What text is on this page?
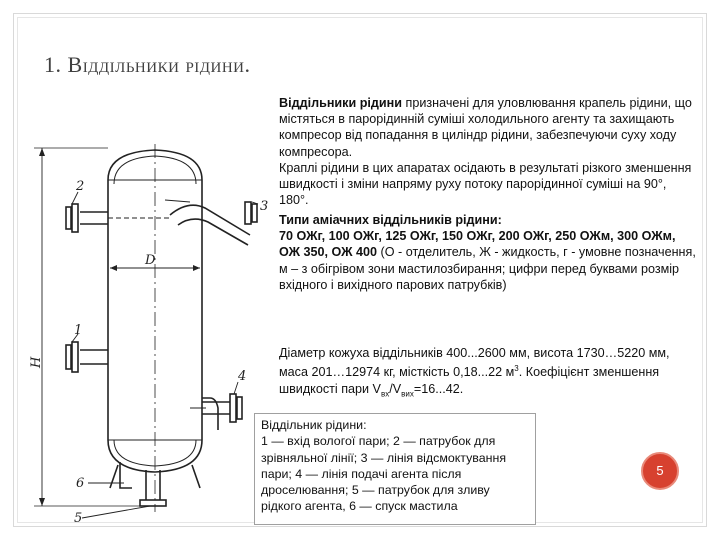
1. Віддільники рідини.
Віддільники рідини призначені для уловлювання крапель рідини, що містяться в парорідинній суміші холодильного агенту та захищають компресор від попадання в циліндр рідини, забезпечуючи суху ходу компресора.
Краплі рідини в цих апаратах осідають в результаті різкого зменшення швидкості і зміни напряму руху потоку парорідинної суміші на 90°, 180°.
Типи аміачних віддільників рідини:
70 ОЖг, 100 ОЖг, 125 ОЖг, 150 ОЖг, 200 ОЖг, 250 ОЖм, 300 ОЖм, ОЖ 350, ОЖ 400 (О - отделитель, Ж - жидкость, г - умовне позначення, м – з обігрівом зони мастилозбирання; цифри перед буквами розмір вхідного і вихідного парових патрубків)
Діаметр кожуха віддільників 400...2600 мм, висота 1730…5220 мм, маса 201…12974 кг, місткість 0,18...22 $м^3$. Коефіцієнт зменшення швидкості пари $V_{вх}/V_{вих}=16...42$.
1
2
3
4
5
6
D
H
Віддільник рідини:
1 — вхід вологої пари; 2 — патрубок для зрівняльної лінії; 3 — лінія відсмоктування пари; 4 — лінія подачі агента після дроселювання; 5 — патрубок для зливу рідкого агента, 6 — спуск мастила
5
